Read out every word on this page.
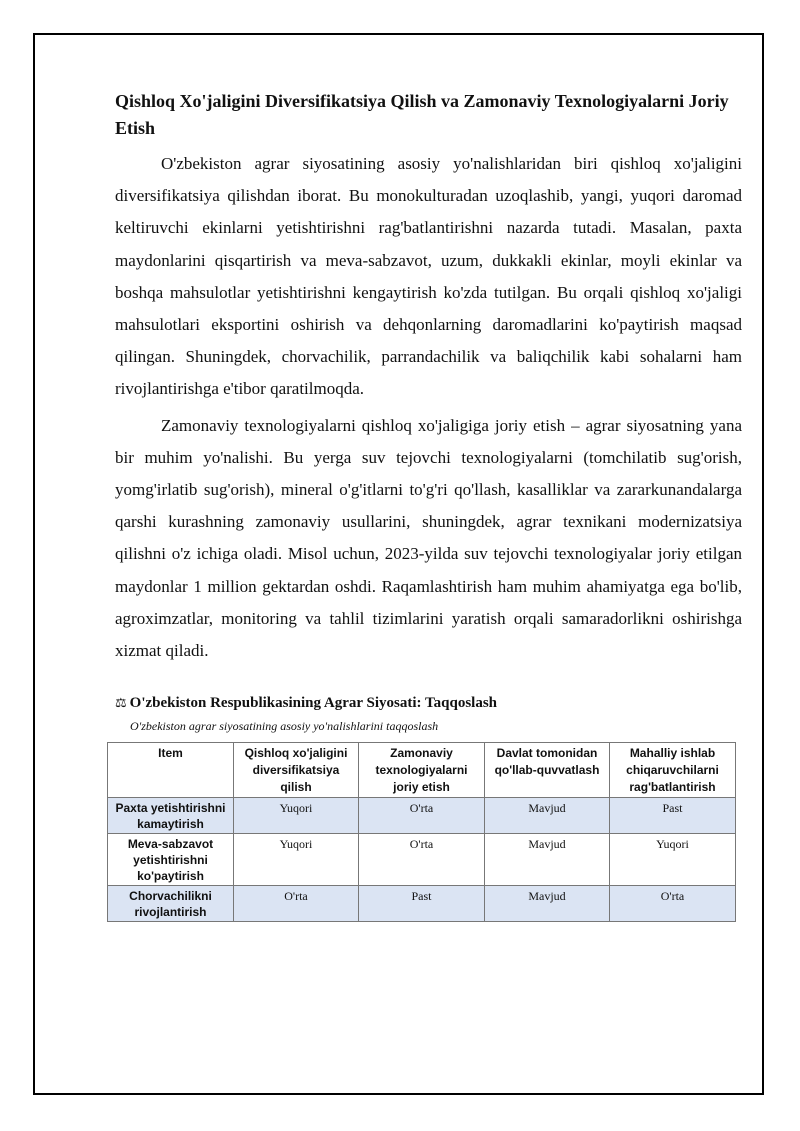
Qishloq Xo'jaligini Diversifikatsiya Qilish va Zamonaviy Texnologiyalarni Joriy Etish

O'zbekiston agrar siyosatining asosiy yo'nalishlaridan biri qishloq xo'jaligini diversifikatsiya qilishdan iborat. Bu monokulturadan uzoqlashib, yangi, yuqori daromad keltiruvchi ekinlarni yetishtirishni rag'batlantirishni nazarda tutadi. Masalan, paxta maydonlarini qisqartirish va meva-sabzavot, uzum, dukkakli ekinlar, moyli ekinlar va boshqa mahsulotlar yetishtirishni kengaytirish ko'zda tutilgan. Bu orqali qishloq xo'jaligi mahsulotlari eksportini oshirish va dehqonlarning daromadlarini ko'paytirish maqsad qilingan. Shuningdek, chorvachilik, parrandachilik va baliqchilik kabi sohalarni ham rivojlantirishga e'tibor qaratilmoqda.

Zamonaviy texnologiyalarni qishloq xo'jaligiga joriy etish – agrar siyosatning yana bir muhim yo'nalishi. Bu yerga suv tejovchi texnologiyalarni (tomchilatib sug'orish, yomg'irlatib sug'orish), mineral o'g'itlarni to'g'ri qo'llash, kasalliklar va zararkunandalarga qarshi kurashning zamonaviy usullarini, shuningdek, agrar texnikani modernizatsiya qilishni o'z ichiga oladi. Misol uchun, 2023-yilda suv tejovchi texnologiyalar joriy etilgan maydonlar 1 million gektardan oshdi. Raqamlashtirish ham muhim ahamiyatga ega bo'lib, agroximzatlar, monitoring va tahlil tizimlarini yaratish orqali samaradorlikni oshirishga xizmat qiladi.

⚖ O'zbekiston Respublikasining Agrar Siyosati: Taqqoslash
O'zbekiston agrar siyosatining asosiy yo'nalishlarini taqqoslash
Item	Qishloq xo'jaligini diversifikatsiya qilish	Zamonaviy texnologiyalarni joriy etish	Davlat tomonidan qo'llab-quvvatlash	Mahalliy ishlab chiqaruvchilarni rag'batlantirish
Paxta yetishtirishni kamaytirish	Yuqori	O'rta	Mavjud	Past
Meva-sabzavot yetishtirishni ko'paytirish	Yuqori	O'rta	Mavjud	Yuqori
Chorvachilikni rivojlantirish	O'rta	Past	Mavjud	O'rta
